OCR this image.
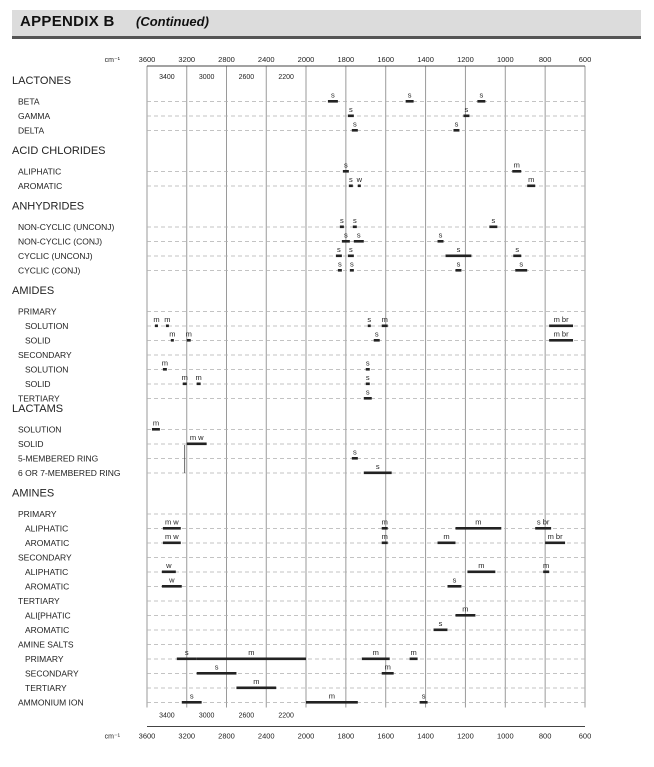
APPENDIX B (Continued)
cm⁻¹ 3600	3200	2800	2400	2000	1800	1600	1400	1200	1000	800	600
3400	3000	2600	2200
3400	3000	2600	2200
3600	3200	2800	2400	2000	1800	1600	1400	1200	1000	800	600
cm⁻¹
LACTONES
BETA
s	s	s
GAMMA
s	s
DELTA
s	s
ACID CHLORIDES
ALIPHATIC
s	m
AROMATIC
s w	m
ANHYDRIDES
NON-CYCLIC (UNCONJ)
s s	s
NON-CYCLIC (CONJ)
s s	s
CYCLIC (UNCONJ)
s s	s	s
CYCLIC (CONJ)
s s	s	s
AMIDES
PRIMARY
SOLUTION
m m	s m	m br
SOLID
m m	s	m br
SECONDARY
SOLUTION
m	s
SOLID
m m	s
TERTIARY
s
LACTAMS
SOLUTION
m
SOLID
m w
5-MEMBERED RING
s
6 OR 7-MEMBERED RING
s
AMINES
PRIMARY
ALIPHATIC
m w	m	m	s br
AROMATIC
m w	m	m	m br
SECONDARY
ALIPHATIC
w	m	m
AROMATIC
w	s
TERTIARY
ALI[PHATIC
m
AROMATIC
s
AMINE SALTS
PRIMARY
s	m	m	m
SECONDARY
s	m
TERTIARY
m
AMMONIUM ION
s	m	s
